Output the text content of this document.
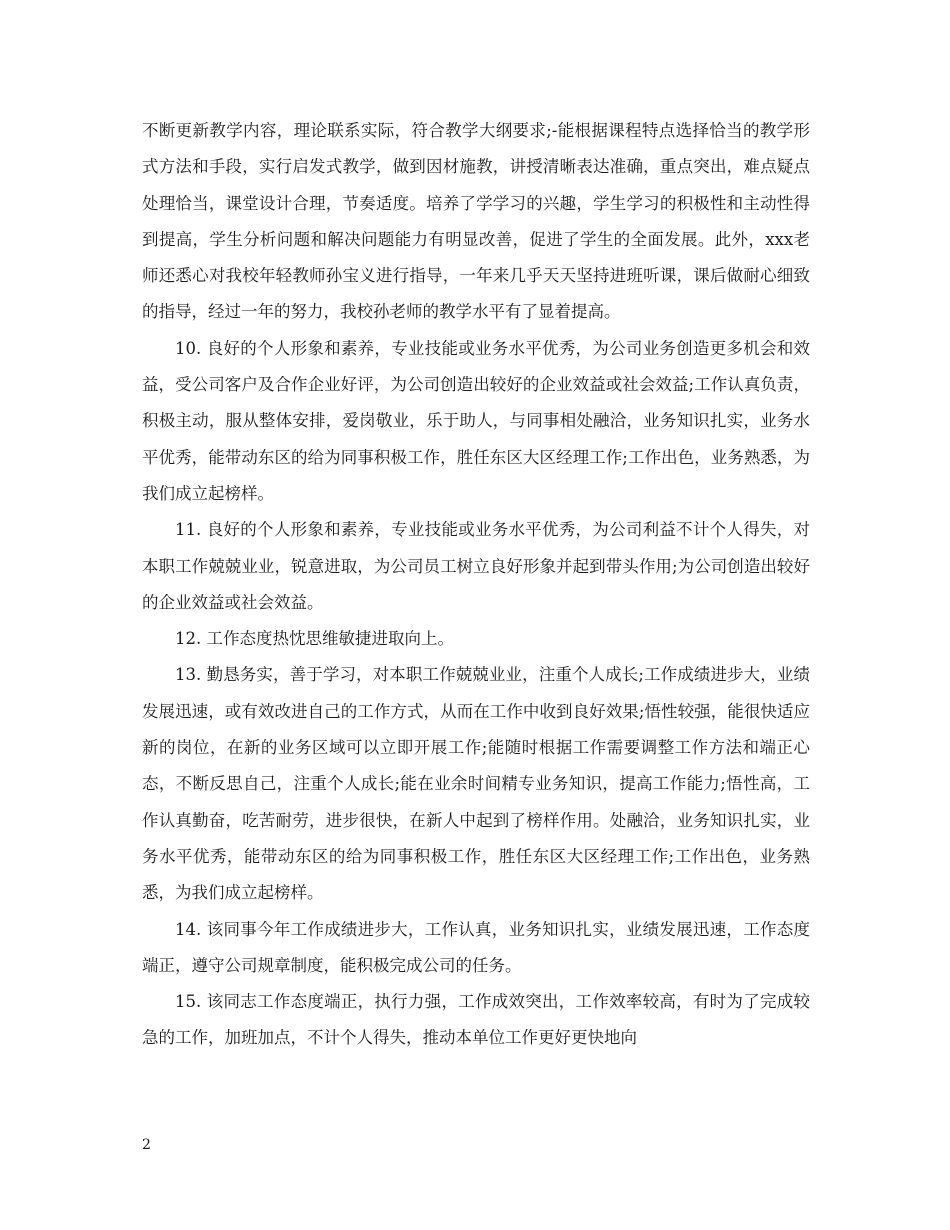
不断更新教学内容，理论联系实际，符合教学大纲要求;-能根据课程特点选择恰当的教学形式方法和手段，实行启发式教学，做到因材施教，讲授清晰表达准确，重点突出，难点疑点处理恰当，课堂设计合理，节奏适度。培养了学学习的兴趣，学生学习的积极性和主动性得到提高，学生分析问题和解决问题能力有明显改善，促进了学生的全面发展。此外，xxx老师还悉心对我校年轻教师孙宝义进行指导，一年来几乎天天坚持进班听课，课后做耐心细致的指导，经过一年的努力，我校孙老师的教学水平有了显着提高。

10. 良好的个人形象和素养，专业技能或业务水平优秀，为公司业务创造更多机会和效益，受公司客户及合作企业好评，为公司创造出较好的企业效益或社会效益;工作认真负责，积极主动，服从整体安排，爱岗敬业，乐于助人，与同事相处融洽，业务知识扎实，业务水平优秀，能带动东区的给为同事积极工作，胜任东区大区经理工作;工作出色，业务熟悉，为我们成立起榜样。

11. 良好的个人形象和素养，专业技能或业务水平优秀，为公司利益不计个人得失，对本职工作兢兢业业，锐意进取，为公司员工树立良好形象并起到带头作用;为公司创造出较好的企业效益或社会效益。

12. 工作态度热忱思维敏捷进取向上。

13. 勤恳务实，善于学习，对本职工作兢兢业业，注重个人成长;工作成绩进步大，业绩发展迅速，或有效改进自己的工作方式，从而在工作中收到良好效果;悟性较强，能很快适应新的岗位，在新的业务区域可以立即开展工作;能随时根据工作需要调整工作方法和端正心态，不断反思自己，注重个人成长;能在业余时间精专业务知识，提高工作能力;悟性高，工作认真勤奋，吃苦耐劳，进步很快，在新人中起到了榜样作用。处融洽，业务知识扎实，业务水平优秀，能带动东区的给为同事积极工作，胜任东区大区经理工作;工作出色，业务熟悉，为我们成立起榜样。

14. 该同事今年工作成绩进步大，工作认真，业务知识扎实，业绩发展迅速，工作态度端正，遵守公司规章制度，能积极完成公司的任务。

15. 该同志工作态度端正，执行力强，工作成效突出，工作效率较高，有时为了完成较急的工作，加班加点，不计个人得失，推动本单位工作更好更快地向

2
